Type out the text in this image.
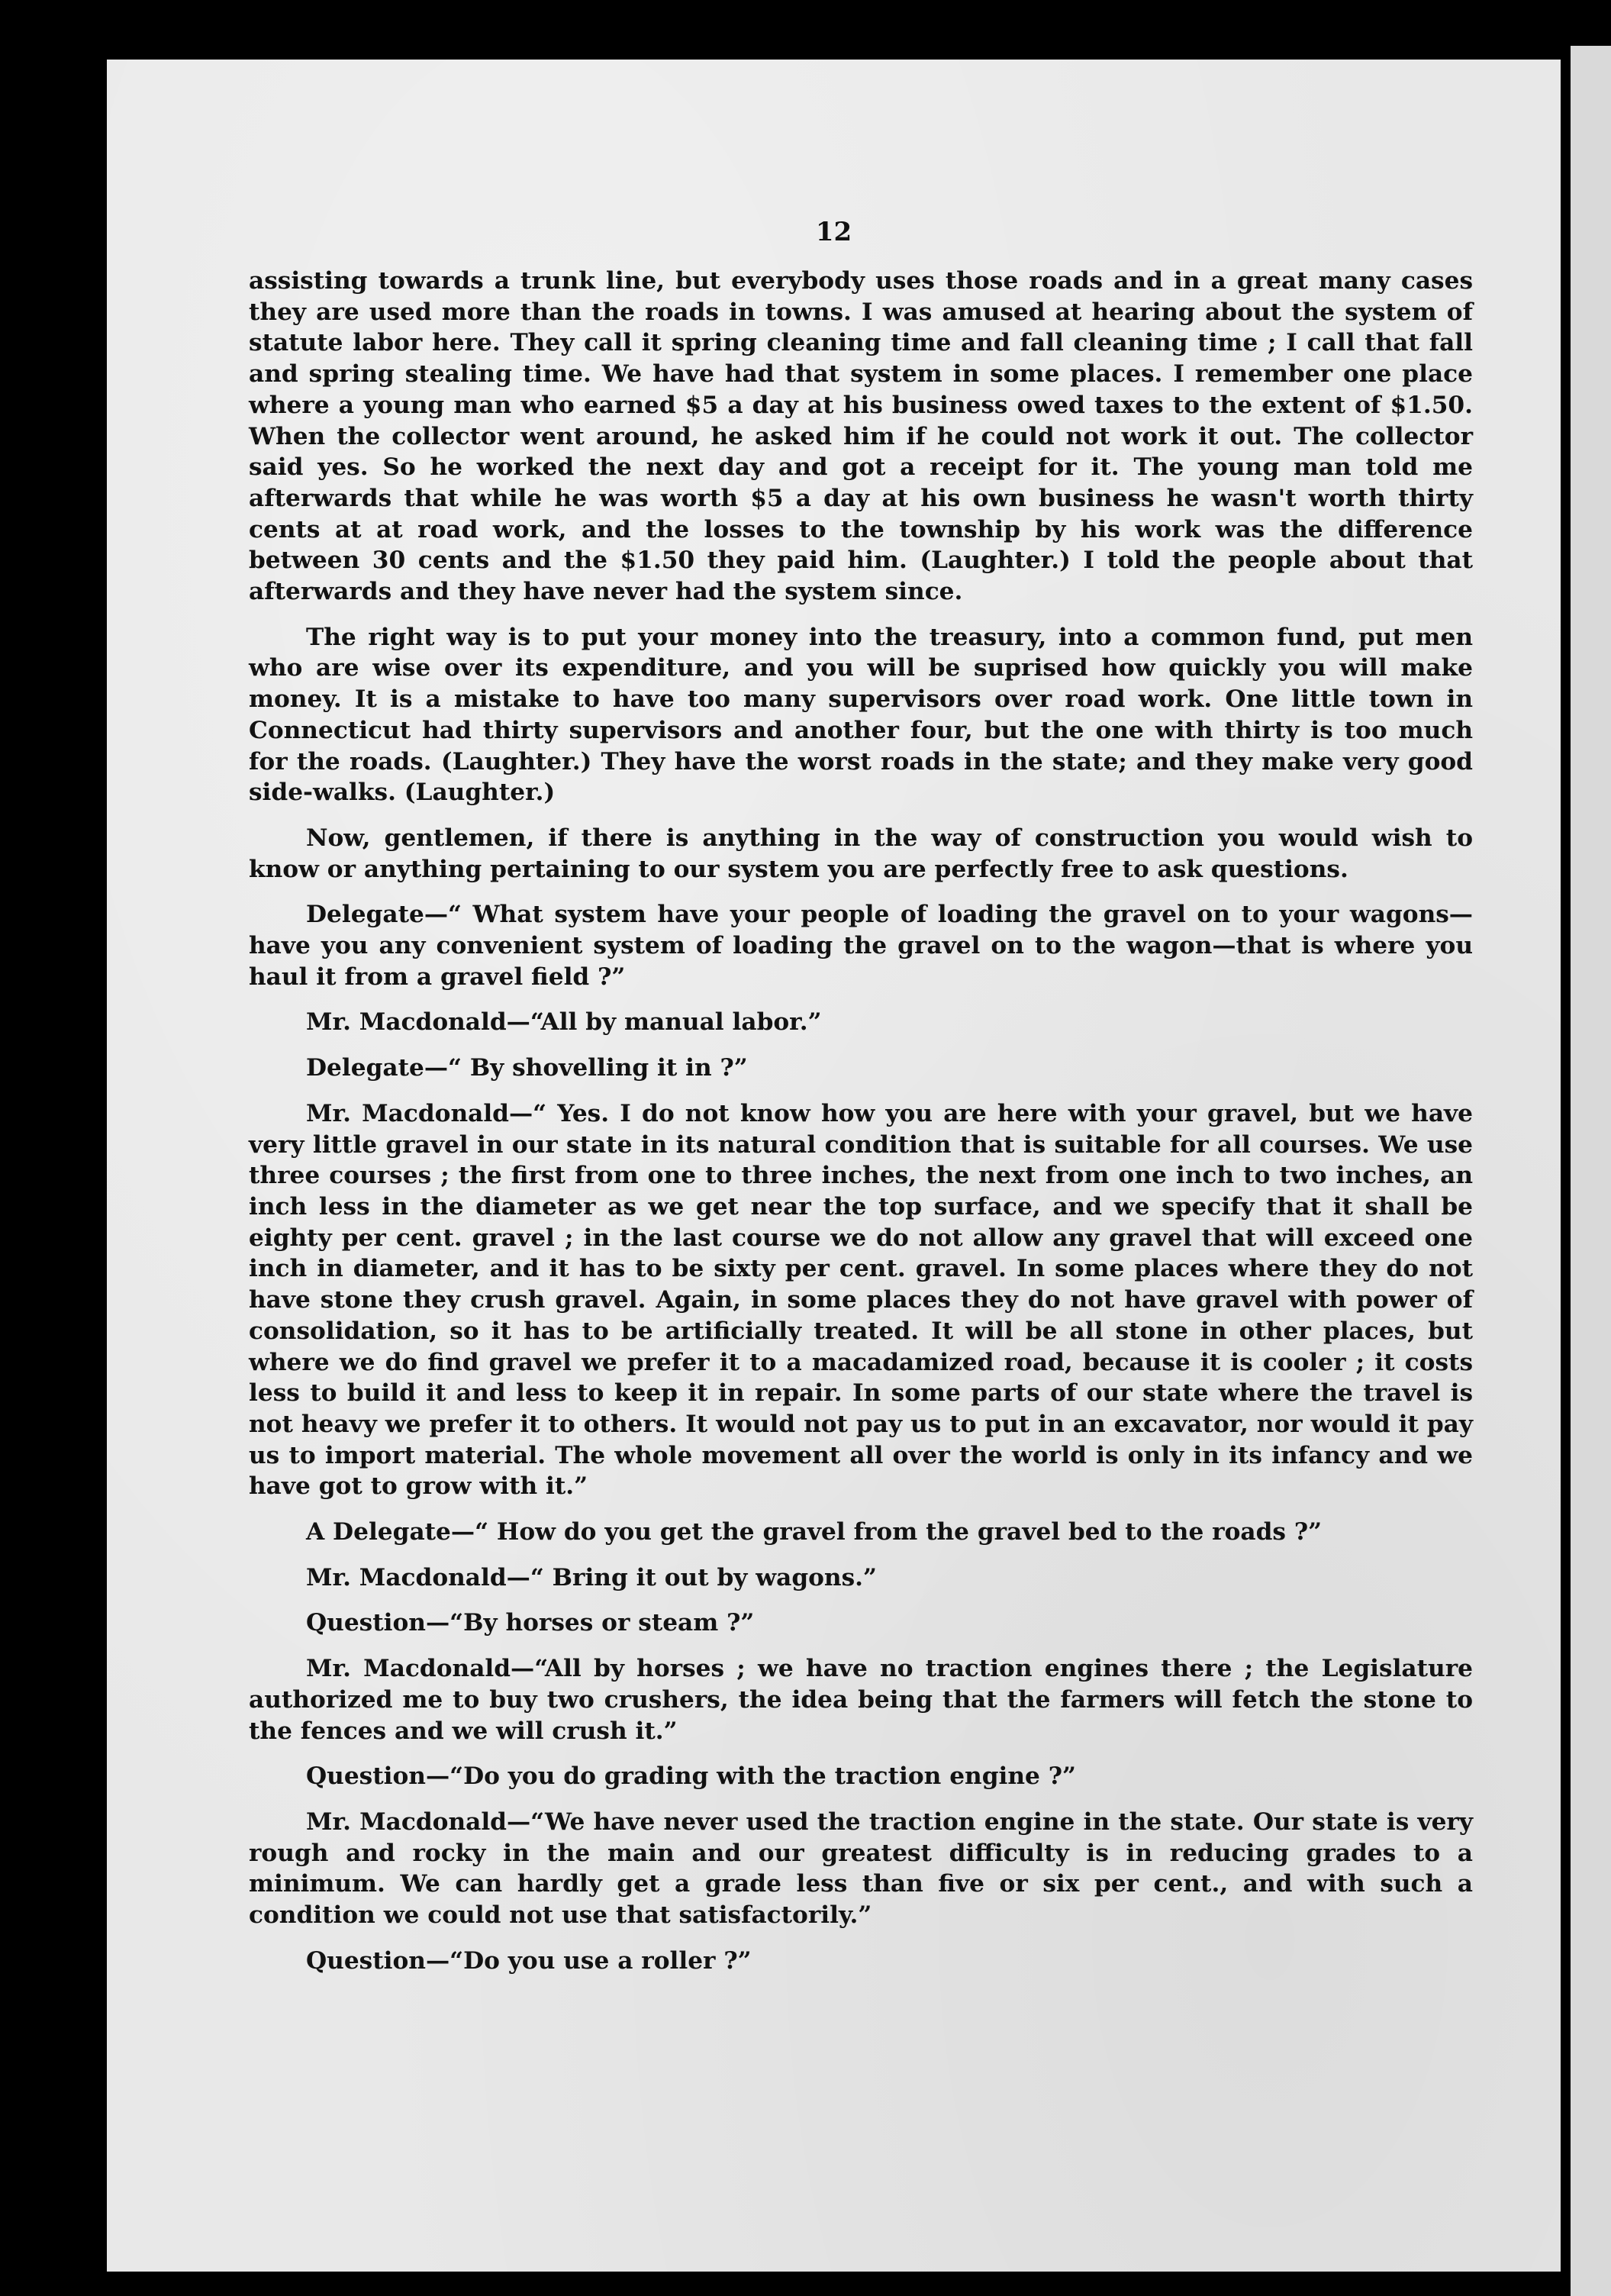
12

assisting towards a trunk line, but everybody uses those roads and in a great many cases they are used more than the roads in towns. I was amused at hearing about the system of statute labor here. They call it spring cleaning time and fall cleaning time ; I call that fall and spring stealing time. We have had that system in some places. I remember one place where a young man who earned $5 a day at his business owed taxes to the extent of $1.50. When the collector went around, he asked him if he could not work it out. The collector said yes. So he worked the next day and got a receipt for it. The young man told me afterwards that while he was worth $5 a day at his own business he wasn't worth thirty cents at at road work, and the losses to the township by his work was the difference between 30 cents and the $1.50 they paid him. (Laughter.) I told the people about that afterwards and they have never had the system since.

The right way is to put your money into the treasury, into a common fund, put men who are wise over its expenditure, and you will be suprised how quickly you will make money. It is a mistake to have too many supervisors over road work. One little town in Connecticut had thirty supervisors and another four, but the one with thirty is too much for the roads. (Laughter.) They have the worst roads in the state; and they make very good side-walks. (Laughter.)

Now, gentlemen, if there is anything in the way of construction you would wish to know or anything pertaining to our system you are perfectly free to ask questions.

Delegate—“ What system have your people of loading the gravel on to your wagons—have you any convenient system of loading the gravel on to the wagon—that is where you haul it from a gravel field ?”

Mr. Macdonald—“All by manual labor.”

Delegate—“ By shovelling it in ?”

Mr. Macdonald—“ Yes. I do not know how you are here with your gravel, but we have very little gravel in our state in its natural condition that is suitable for all courses. We use three courses ; the first from one to three inches, the next from one inch to two inches, an inch less in the diameter as we get near the top surface, and we specify that it shall be eighty per cent. gravel ; in the last course we do not allow any gravel that will exceed one inch in diameter, and it has to be sixty per cent. gravel. In some places where they do not have stone they crush gravel. Again, in some places they do not have gravel with power of consolidation, so it has to be artificially treated. It will be all stone in other places, but where we do find gravel we prefer it to a macadamized road, because it is cooler ; it costs less to build it and less to keep it in repair. In some parts of our state where the travel is not heavy we prefer it to others. It would not pay us to put in an excavator, nor would it pay us to import material. The whole movement all over the world is only in its infancy and we have got to grow with it.”

A Delegate—“ How do you get the gravel from the gravel bed to the roads ?”

Mr. Macdonald—“ Bring it out by wagons.”

Question—“By horses or steam ?”

Mr. Macdonald—“All by horses ; we have no traction engines there ; the Legislature authorized me to buy two crushers, the idea being that the farmers will fetch the stone to the fences and we will crush it.”

Question—“Do you do grading with the traction engine ?”

Mr. Macdonald—“We have never used the traction engine in the state. Our state is very rough and rocky in the main and our greatest difficulty is in reducing grades to a minimum. We can hardly get a grade less than five or six per cent., and with such a condition we could not use that satisfactorily.”

Question—“Do you use a roller ?”
